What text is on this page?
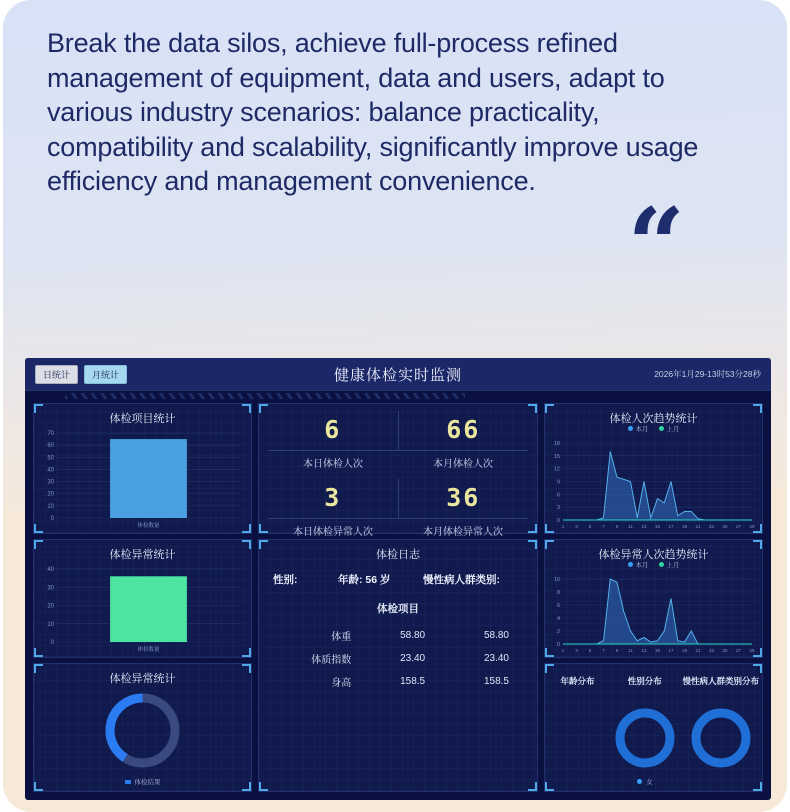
Break the data silos, achieve full-process refined management of equipment, data and users, adapt to various industry scenarios: balance practicality, compatibility and scalability, significantly improve usage efficiency and management convenience.

“
日统计	月统计	健康体检实时监测	2026年1月29-13时53分28秒
体检项目统计
0
10
20
30
40
50
60
70
体检数量
体检异常统计
0
10
20
30
40
体检数量
体检异常统计
体检结果
6	66
本日体检人次	本月体检人次
3	36
本日体检异常人次	本月体检异常人次
体检日志
性别:	年龄: 56 岁	慢性病人群类别:
体检项目
体重	58.80	58.80
体质指数	23.40	23.40
身高	158.5	158.5
体检人次趋势统计
本月	上月
0
3
6
9
12
15
18
1 3 5 7 9 11 13 15 17 19 21 23 25 27 29
体检异常人次趋势统计
本月	上月
0
2
4
6
8
10
1 3 5 7 9 11 13 15 17 19 21 23 25 27 29
年龄分布	性别分布
女
慢性病人群类别分布
